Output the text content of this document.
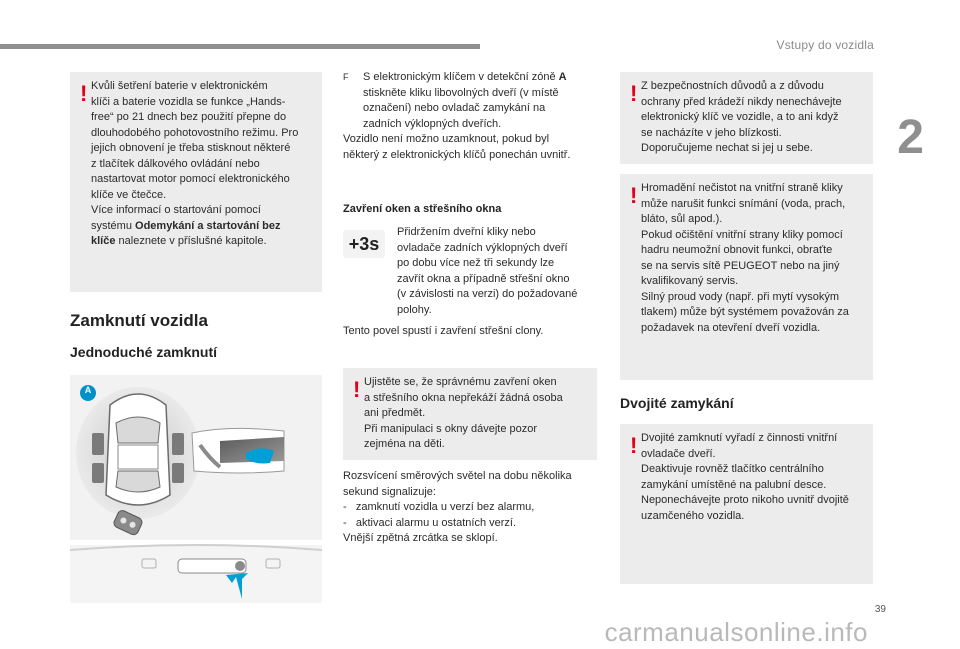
Vstupy do vozidla
2
! Kvůli šetření baterie v elektronickém
klíči a baterie vozidla se funkce „Hands-
free“ po 21 dnech bez použití přepne do
dlouhodobého pohotovostního režimu. Pro
jejich obnovení je třeba stisknout některé
z tlačítek dálkového ovládání nebo
nastartovat motor pomocí elektronického
klíče ve čtečce.
Více informací o startování pomocí
systému Odemykání a startování bez
klíče naleznete v příslušné kapitole.
Zamknutí vozidla
Jednoduché zamknutí
A
F	S elektronickým klíčem v detekční zóně A
stiskněte kliku libovolných dveří (v místě
označení) nebo ovladač zamykání na
zadních výklopných dveřích.
Vozidlo není možno uzamknout, pokud byl
některý z elektronických klíčů ponechán uvnitř.
Zavření oken a střešního okna
+3s
Přidržením dveřní kliky nebo
ovladače zadních výklopných dveří
po dobu více než tři sekundy lze
zavřít okna a případně střešní okno
(v závislosti na verzi) do požadované
polohy.
Tento povel spustí i zavření střešní clony.
! Ujistěte se, že správnému zavření oken
a střešního okna nepřekáží žádná osoba
ani předmět.
Při manipulaci s okny dávejte pozor
zejména na děti.
Rozsvícení směrových světel na dobu několika
sekund signalizuje:
-   zamknutí vozidla u verzí bez alarmu,
-   aktivaci alarmu u ostatních verzí.
Vnější zpětná zrcátka se sklopí.
! Z bezpečnostních důvodů a z důvodu
ochrany před krádeží nikdy nenechávejte
elektronický klíč ve vozidle, a to ani když
se nacházíte v jeho blízkosti.
Doporučujeme nechat si jej u sebe.
! Hromadění nečistot na vnitřní straně kliky
může narušit funkci snímání (voda, prach,
bláto, sůl apod.).
Pokud očištění vnitřní strany kliky pomocí
hadru neumožní obnovit funkci, obraťte
se na servis sítě PEUGEOT nebo na jiný
kvalifikovaný servis.
Silný proud vody (např. při mytí vysokým
tlakem) může být systémem považován za
požadavek na otevření dveří vozidla.
Dvojité zamykání
! Dvojité zamknutí vyřadí z činnosti vnitřní
ovladače dveří.
Deaktivuje rovněž tlačítko centrálního
zamykání umístěné na palubní desce.
Neponechávejte proto nikoho uvnitř dvojitě
uzamčeného vozidla.
39
carmanualsonline.info
